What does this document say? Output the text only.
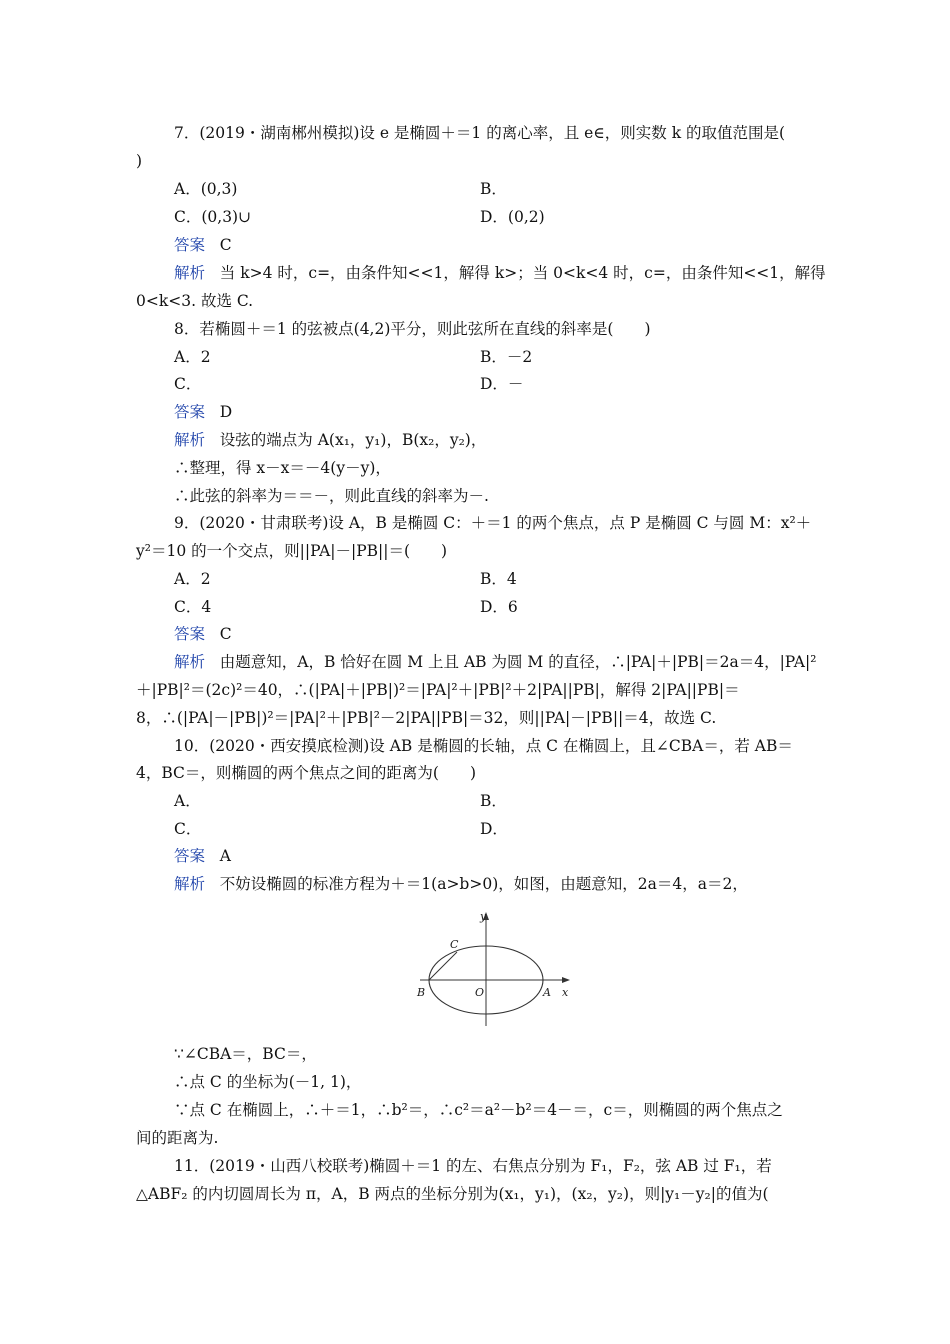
7．(2019・湖南郴州模拟)设 e 是椭圆＋＝1 的离心率，且 e∈，则实数 k 的取值范围是(
)
A．(0,3)	B．
C．(0,3)∪	D．(0,2)
答案 C
解析 当 k>4 时，c=，由条件知<<1，解得 k>；当 0<k<4 时，c=，由条件知<<1，解得
0<k<3. 故选 C.
8．若椭圆＋＝1 的弦被点(4,2)平分，则此弦所在直线的斜率是(　　)
A．2	B．－2
C．	D．－
答案 D
解析 设弦的端点为 A(x₁，y₁)，B(x₂，y₂)，
∴整理，得 x－x＝－4(y－y)，
∴此弦的斜率为＝＝－，则此直线的斜率为－.
9．(2020・甘肃联考)设 A，B 是椭圆 C：＋＝1 的两个焦点，点 P 是椭圆 C 与圆 M：x²＋
y²＝10 的一个交点，则||PA|－|PB||＝(　　)
A．2	B．4
C．4	D．6
答案 C
解析 由题意知，A，B 恰好在圆 M 上且 AB 为圆 M 的直径，∴|PA|＋|PB|＝2a＝4，|PA|²
＋|PB|²＝(2c)²＝40，∴(|PA|＋|PB|)²＝|PA|²＋|PB|²＋2|PA||PB|，解得 2|PA||PB|＝
8，∴(|PA|－|PB|)²＝|PA|²＋|PB|²－2|PA||PB|＝32，则||PA|－|PB||＝4，故选 C.
10．(2020・西安摸底检测)设 AB 是椭圆的长轴，点 C 在椭圆上，且∠CBA＝，若 AB＝
4，BC＝，则椭圆的两个焦点之间的距离为(　　)
A．	B．
C．	D．
答案 A
解析 不妨设椭圆的标准方程为＋＝1(a>b>0)，如图，由题意知，2a＝4，a＝2，
y
x
C
B	O	A
∵∠CBA＝，BC＝，
∴点 C 的坐标为(－1, 1)，
∵点 C 在椭圆上，∴＋＝1，∴b²＝，∴c²＝a²－b²＝4－＝，c＝，则椭圆的两个焦点之
间的距离为.
11．(2019・山西八校联考)椭圆＋＝1 的左、右焦点分别为 F₁，F₂，弦 AB 过 F₁，若
△ABF₂ 的内切圆周长为 π，A，B 两点的坐标分别为(x₁，y₁)，(x₂，y₂)，则|y₁－y₂|的值为(
